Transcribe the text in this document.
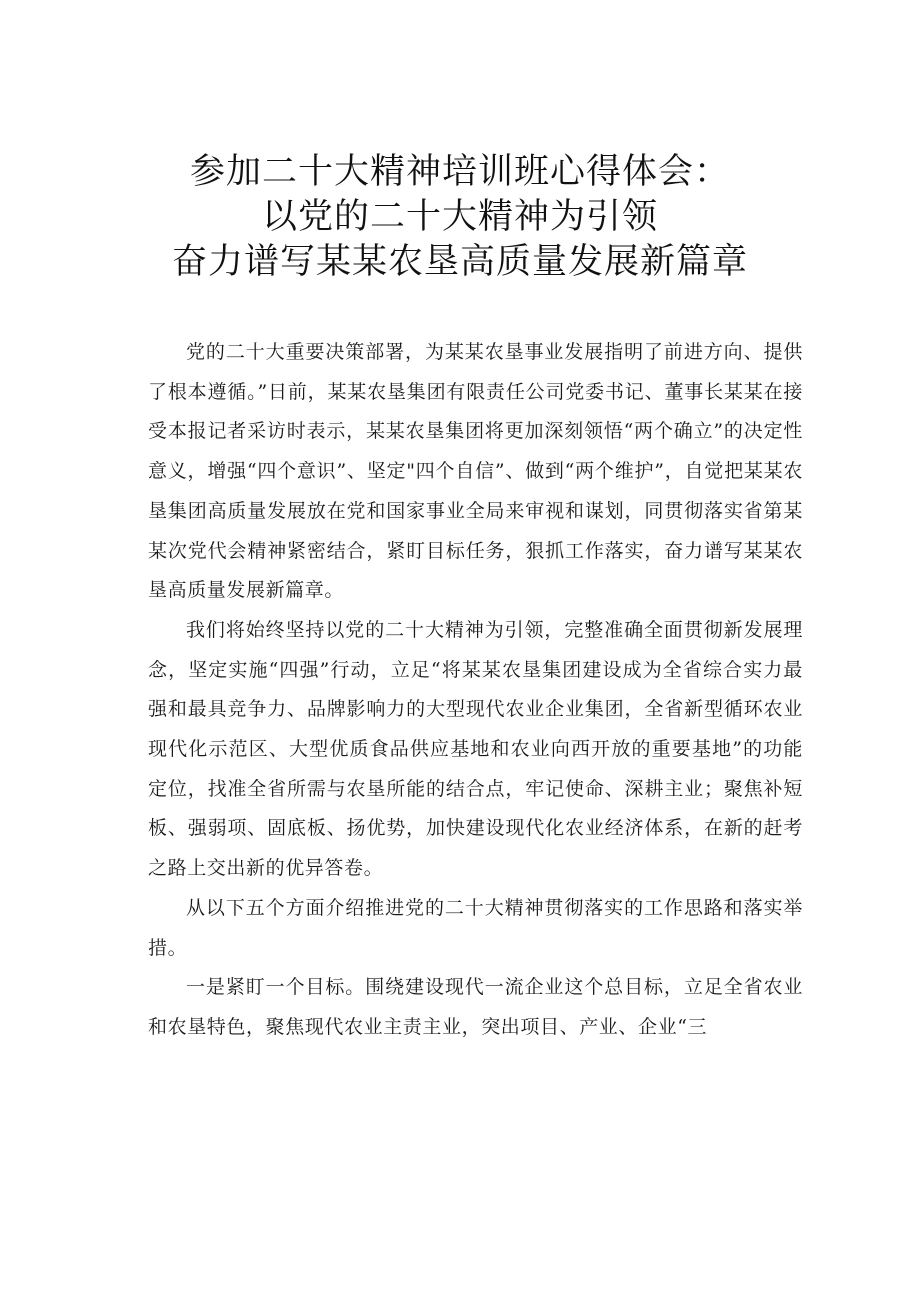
参加二十大精神培训班心得体会：
以党的二十大精神为引领
奋力谱写某某农垦高质量发展新篇章

党的二十大重要决策部署，为某某农垦事业发展指明了前进方向、提供了根本遵循。”日前，某某农垦集团有限责任公司党委书记、董事长某某在接受本报记者采访时表示，某某农垦集团将更加深刻领悟“两个确立”的决定性意义，增强“四个意识”、坚定"四个自信”、做到“两个维护”，自觉把某某农垦集团高质量发展放在党和国家事业全局来审视和谋划，同贯彻落实省第某某次党代会精神紧密结合，紧盯目标任务，狠抓工作落实，奋力谱写某某农垦高质量发展新篇章。

我们将始终坚持以党的二十大精神为引领，完整准确全面贯彻新发展理念，坚定实施“四强”行动，立足“将某某农垦集团建设成为全省综合实力最强和最具竞争力、品牌影响力的大型现代农业企业集团，全省新型循环农业现代化示范区、大型优质食品供应基地和农业向西开放的重要基地”的功能定位，找准全省所需与农垦所能的结合点，牢记使命、深耕主业；聚焦补短板、强弱项、固底板、扬优势，加快建设现代化农业经济体系，在新的赶考之路上交出新的优异答卷。

从以下五个方面介绍推进党的二十大精神贯彻落实的工作思路和落实举措。

一是紧盯一个目标。围绕建设现代一流企业这个总目标，立足全省农业和农垦特色，聚焦现代农业主责主业，突出项目、产业、企业“三
